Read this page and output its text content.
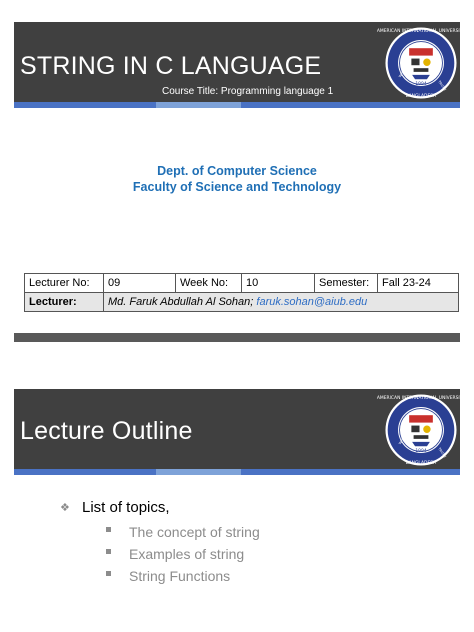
STRING IN C LANGUAGE
Course Title: Programming language 1
AMERICAN INTERNATIONAL UNIVERSITY
BANGLADESH
1994
WISDOM
TRUTH
Dept. of Computer Science
Faculty of Science and Technology
Lecturer No:	09	Week No:	10	Semester:	Fall 23-24
Lecturer:	Md. Faruk Abdullah Al Sohan; faruk.sohan@aiub.edu				
Lecture Outline
AMERICAN INTERNATIONAL UNIVERSITY
BANGLADESH
1994
WISDOM
TRUTH
❖ List of topics,
The concept of string
Examples of string
String Functions
